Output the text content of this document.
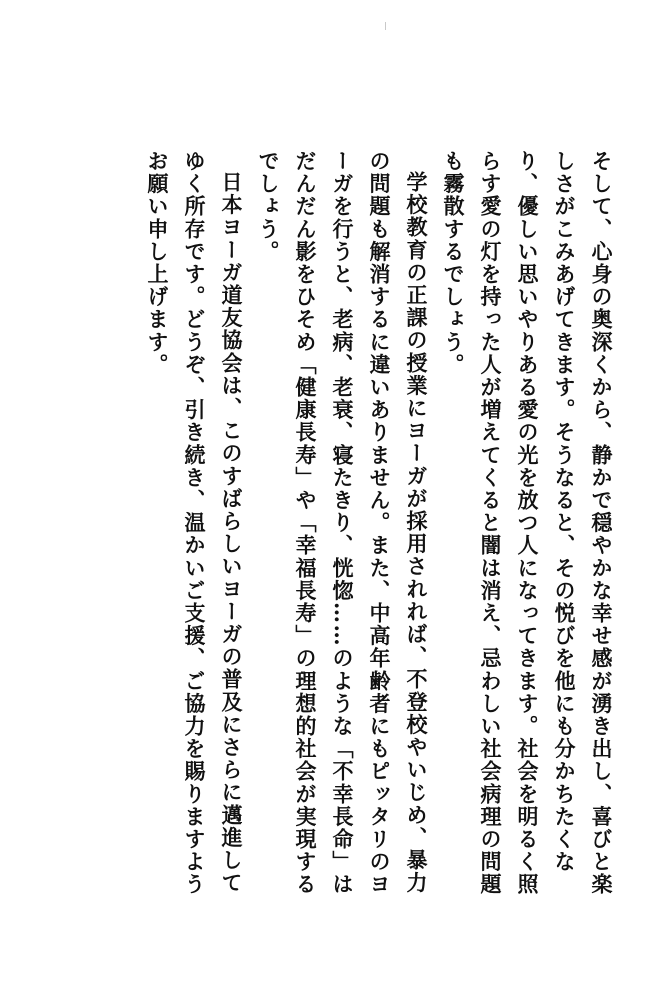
そして、心身の奥深くから、静かで穏やかな幸せ感が湧き出し、喜びと楽しさがこみあげてきます。そうなると、その悦びを他にも分かちたくなり、優しい思いやりある愛の光を放つ人になってきます。社会を明るく照らす愛の灯を持った人が増えてくると闇は消え、忌わしい社会病理の問題も霧散するでしょう。

学校教育の正課の授業にヨーガが採用されれば、不登校やいじめ、暴力の問題も解消するに違いありません。また、中高年齢者にもピッタリのヨーガを行うと、老病、老衰、寝たきり、恍惚……のような「不幸長命」はだんだん影をひそめ「健康長寿」や「幸福長寿」の理想的社会が実現するでしょう。

日本ヨーガ道友協会は、このすばらしいヨーガの普及にさらに邁進してゆく所存です。どうぞ、引き続き、温かいご支援、ご協力を賜りますようお願い申し上げます。
